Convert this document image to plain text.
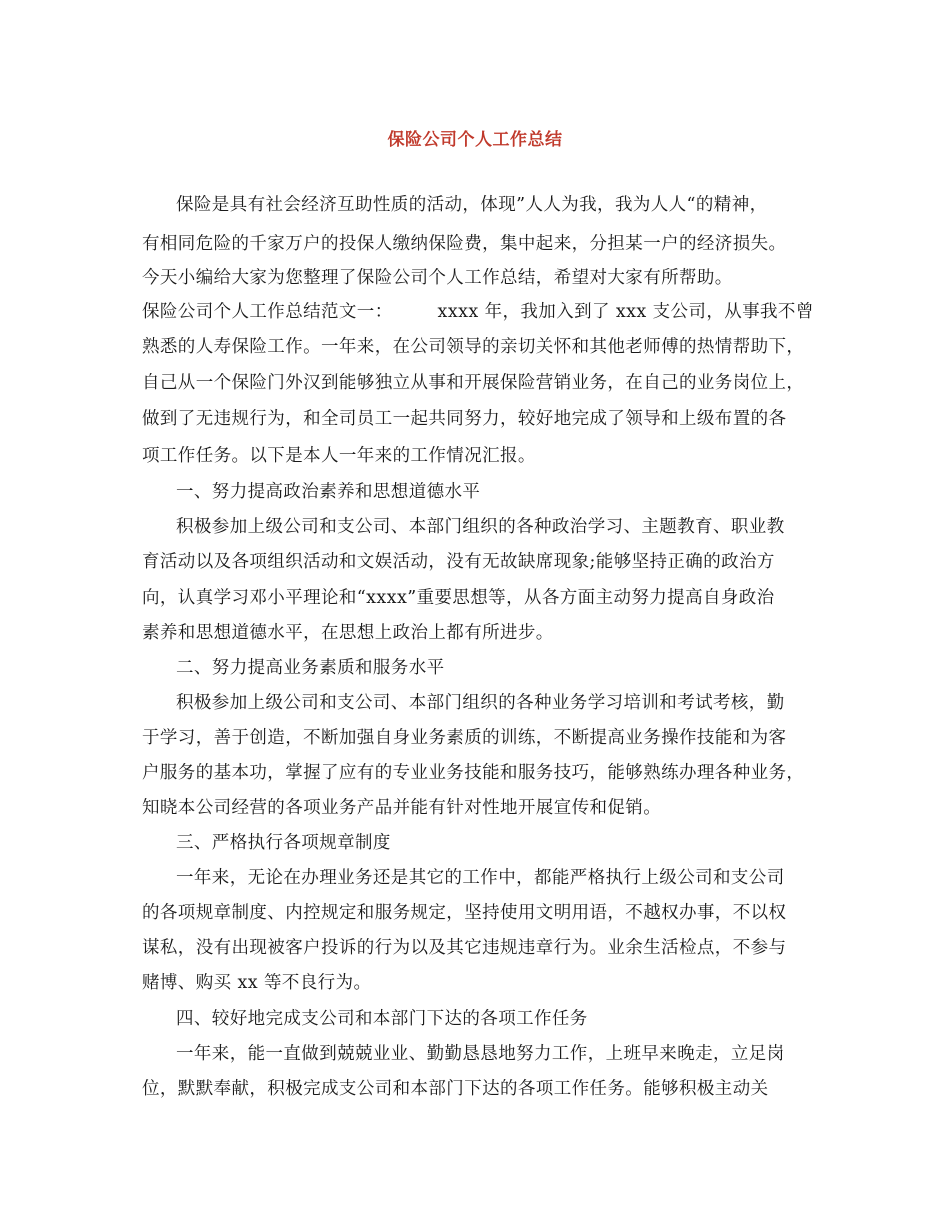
保险公司个人工作总结
保险是具有社会经济互助性质的活动，体现”人人为我，我为人人“的精神，
有相同危险的千家万户的投保人缴纳保险费，集中起来，分担某一户的经济损失。
今天小编给大家为您整理了保险公司个人工作总结，希望对大家有所帮助。
保险公司个人工作总结范文一：　　　xxxx 年，我加入到了 xxx 支公司，从事我不曾
熟悉的人寿保险工作。一年来，在公司领导的亲切关怀和其他老师傅的热情帮助下，
自己从一个保险门外汉到能够独立从事和开展保险营销业务，在自己的业务岗位上，
做到了无违规行为，和全司员工一起共同努力，较好地完成了领导和上级布置的各
项工作任务。以下是本人一年来的工作情况汇报。
一、努力提高政治素养和思想道德水平
积极参加上级公司和支公司、本部门组织的各种政治学习、主题教育、职业教
育活动以及各项组织活动和文娱活动，没有无故缺席现象;能够坚持正确的政治方
向，认真学习邓小平理论和“xxxx”重要思想等，从各方面主动努力提高自身政治
素养和思想道德水平，在思想上政治上都有所进步。
二、努力提高业务素质和服务水平
积极参加上级公司和支公司、本部门组织的各种业务学习培训和考试考核，勤
于学习，善于创造，不断加强自身业务素质的训练，不断提高业务操作技能和为客
户服务的基本功，掌握了应有的专业业务技能和服务技巧，能够熟练办理各种业务，
知晓本公司经营的各项业务产品并能有针对性地开展宣传和促销。
三、严格执行各项规章制度
一年来，无论在办理业务还是其它的工作中，都能严格执行上级公司和支公司
的各项规章制度、内控规定和服务规定，坚持使用文明用语，不越权办事，不以权
谋私，没有出现被客户投诉的行为以及其它违规违章行为。业余生活检点，不参与
赌博、购买 xx 等不良行为。
四、较好地完成支公司和本部门下达的各项工作任务
一年来，能一直做到兢兢业业、勤勤恳恳地努力工作，上班早来晚走，立足岗
位，默默奉献，积极完成支公司和本部门下达的各项工作任务。能够积极主动关
